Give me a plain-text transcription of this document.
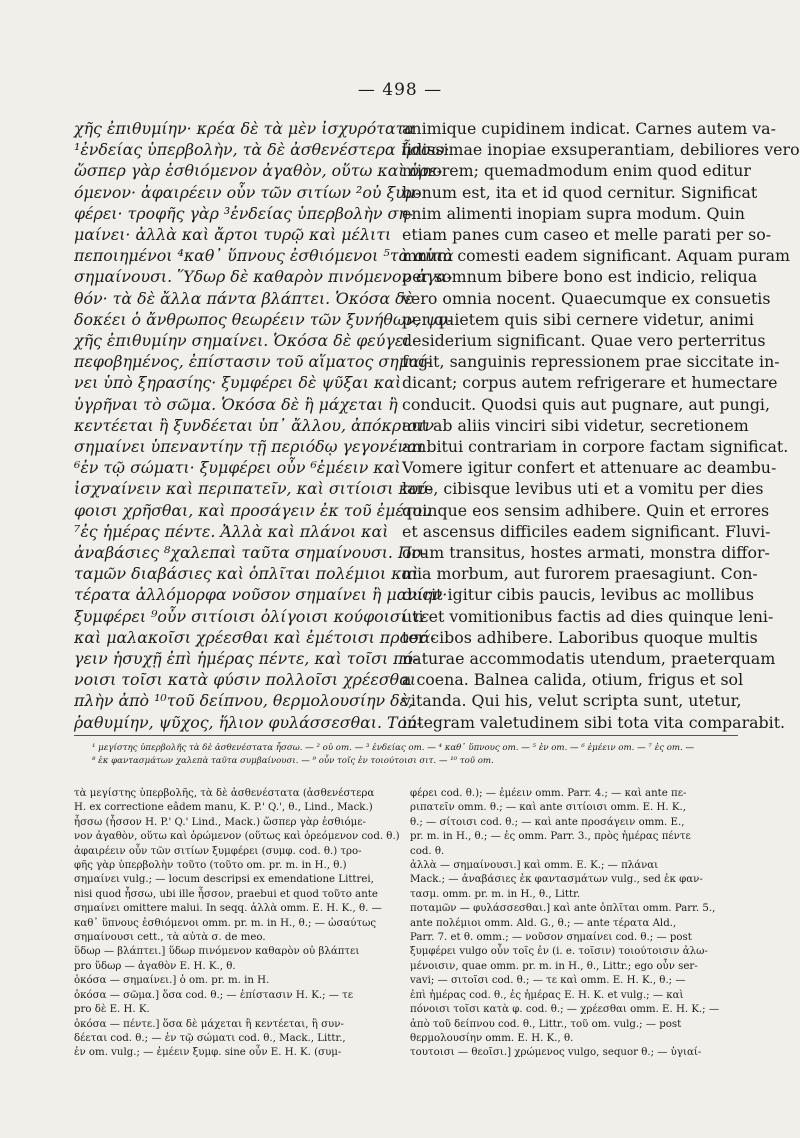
— 498 —
χῆς ἐπιθυμίην· κρέα δὲ τὰ μὲν ἰσχυρότατα
¹ἐνδείας ὑπερβολὴν, τὰ δὲ ἀσθενέστερα ἧσσω·
ὥσπερ γὰρ ἐσθιόμενον ἀγαθὸν, οὕτω καὶ ὁρε-
όμενον· ἀφαιρέειν οὖν τῶν σιτίων ²οὐ ξυμ-
φέρει· τροφῆς γὰρ ³ἐνδείας ὑπερβολὴν ση-
μαίνει· ἀλλὰ καὶ ἄρτοι τυρῷ καὶ μέλιτι
πεποιημένοι ⁴καθ᾽ ὕπνους ἐσθιόμενοι ⁵τὰ αὐτὰ
σημαίνουσι. Ὕδωρ δὲ καθαρὸν πινόμενον ἀγα-
θόν· τὰ δὲ ἄλλα πάντα βλάπτει. Ὁκόσα δὲ
δοκέει ὁ ἄνθρωπος θεωρέειν τῶν ξυνήθων, ψυ-
χῆς ἐπιθυμίην σημαίνει. Ὁκόσα δὲ φεύγει
πεφοβημένος, ἐπίστασιν τοῦ αἵματος σημαί-
νει ὑπὸ ξηρασίης· ξυμφέρει δὲ ψῦξαι καὶ
ὑγρῆναι τὸ σῶμα. Ὁκόσα δὲ ἢ μάχεται ἢ
κεντέεται ἢ ξυνδέεται ὑπ᾽ ἄλλου, ἀπόκρισιν
σημαίνει ὑπεναντίην τῇ περιόδῳ γεγονέναι
⁶ἐν τῷ σώματι· ξυμφέρει οὖν ⁶ἐμέειν καὶ
ἰσχναίνειν καὶ περιπατεῖν, καὶ σιτίοισι κού-
φοισι χρῆσθαι, καὶ προσάγειν ἐκ τοῦ ἐμέτου
⁷ἐς ἡμέρας πέντε. Ἀλλὰ καὶ πλάνοι καὶ
ἀναβάσιες ⁸χαλεπαὶ ταῦτα σημαίνουσι. Πο-
ταμῶν διαβάσιες καὶ ὁπλῖται πολέμιοι καὶ
τέρατα ἀλλόμορφα νοῦσον σημαίνει ἢ μανίην·
ξυμφέρει ⁹οὖν σιτίοισι ὀλίγοισι κούφοισί τε
καὶ μαλακοῖσι χρέεσθαι καὶ ἐμέτοισι προσά-
γειν ἡσυχῇ ἐπὶ ἡμέρας πέντε, καὶ τοῖσι πό-
νοισι τοῖσι κατὰ φύσιν πολλοῖσι χρέεσθαι
πλὴν ἀπὸ ¹⁰τοῦ δείπνου, θερμολουσίην δὲ,
ῥαθυμίην, ψῦχος, ἥλιον φυλάσσεσθαι. Τού-
animique cupidinem indicat. Carnes autem va-
lidissimae inopiae exsuperantiam, debiliores vero
minorem; quemadmodum enim quod editur
bonum est, ita et id quod cernitur. Significat
enim alimenti inopiam supra modum. Quin
etiam panes cum caseo et melle parati per so-
mnum comesti eadem significant. Aquam puram
per somnum bibere bono est indicio, reliqua
vero omnia nocent. Quaecumque ex consuetis
per quietem quis sibi cernere videtur, animi
desiderium significant. Quae vero perterritus
fugit, sanguinis repressionem prae siccitate in-
dicant; corpus autem refrigerare et humectare
conducit. Quodsi quis aut pugnare, aut pungi,
aut ab aliis vinciri sibi videtur, secretionem
ambitui contrariam in corpore factam significat.
Vomere igitur confert et attenuare ac deambu-
lare, cibisque levibus uti et a vomitu per dies
quinque eos sensim adhibere. Quin et errores
et ascensus difficiles eadem significant. Fluvi-
orum transitus, hostes armati, monstra diffor-
mia morbum, aut furorem praesagiunt. Con-
ducit igitur cibis paucis, levibus ac mollibus
uti et vomitionibus factis ad dies quinque leni-
ter cibos adhibere. Laboribus quoque multis
naturae accommodatis utendum, praeterquam
a coena. Balnea calida, otium, frigus et sol
vitanda. Qui his, velut scripta sunt, utetur,
integram valetudinem sibi tota vita comparabit.
¹ μεγίστης ὑπερβολῆς τὰ δὲ ἀσθενέστατα ἧσσω. — ² οὐ om. — ³ ἐνδείας om. — ⁴ καθ᾽ ὕπνους om. — ⁵ ἐν om. — ⁶ ἐμέειν om. — ⁷ ἐς om. —
⁸ ἐκ φαντασμάτων χαλεπὰ ταῦτα συμβαίνουσι. — ⁹ οὖν τοῖς ἐν τοιούτοισι σιτ. — ¹⁰ τοῦ om.
τὰ μεγίστης ὑπερβολῆς, τὰ δὲ ἀσθενέστατα (ἀσθενέστερα
H. ex correctione eâdem manu, K. P.' Q.', θ., Lind., Mack.)
ἧσσω (ἧσσον H. P.' Q.' Lind., Mack.) ὥσπερ γὰρ ἐσθιόμε-
νον ἀγαθὸν, οὕτω καὶ ὁρώμενον (οὕτως καὶ ὁρεόμενον cod. θ.)
ἀφαιρέειν οὖν τῶν σιτίων ξυμφέρει (συμφ. cod. θ.) τρο-
φῆς γὰρ ὑπερβολὴν τοῦτο (τοῦτο om. pr. m. in H., θ.)
σημαίνει vulg.; — locum descripsi ex emendatione Littrei,
nisi quod ἧσσω, ubi ille ἧσσον, praebui et quod τοῦτο ante
σημαίνει omittere malui. In seqq. ἀλλὰ omm. E. H. K., θ. —
καθ᾽ ὕπνους ἐσθιόμενοι omm. pr. m. in H., θ.; — ὡσαύτως
σημαίνουσι cett., τὰ αὐτὰ σ. de meo.
ὕδωρ — βλάπτει.] ὕδωρ πινόμενον καθαρὸν οὐ βλάπτει
pro ὕδωρ — ἀγαθὸν E. H. K., θ.
ὁκόσα — σημαίνει.] ὁ om. pr. m. in H.
ὁκόσα — σῶμα.] ὅσα cod. θ.; — ἐπίστασιν H. K.; — τε
pro δὲ E. H. K.
ὁκόσα — πέντε.] ὅσα δὲ μάχεται ἢ κεντέεται, ἢ συν-
δέεται cod. θ.; — ἐν τῷ σώματι cod. θ., Mack., Littr.,
ἐν om. vulg.; — ἐμέειν ξυμφ. sine οὖν E. H. K. (συμ-
φέρει cod. θ.); — ἐμέειν omm. Parr. 4.; — καὶ ante πε-
ριπατεῖν omm. θ.; — καὶ ante σιτίοισι omm. E. H. K.,
θ.; — σίτοισι cod. θ.; — καὶ ante προσάγειν omm. E.,
pr. m. in H., θ.; — ἐς omm. Parr. 3., πρὸς ἡμέρας πέντε
cod. θ.
ἀλλὰ — σημαίνουσι.] καὶ omm. E. K.; — πλάναι
Mack.; — ἀναβάσιες ἐκ φαντασμάτων vulg., sed ἐκ φαν-
τασμ. omm. pr. m. in H., θ., Littr.
ποταμῶν — φυλάσσεσθαι.] καὶ ante ὁπλῖται omm. Parr. 5.,
ante πολέμιοι omm. Ald. G., θ.; — ante τέρατα Ald.,
Parr. 7. et θ. omm.; — νοῦσον σημαίνει cod. θ.; — post
ξυμφέρει vulgo οὖν τοῖς ἐν (i. e. τοῖσιν) τοιούτοισιν ἀλω-
μένοισιν, quae omm. pr. m. in H., θ., Littr.; ego οὖν ser-
vavi; — σιτοῖσι cod. θ.; — τε καὶ omm. E. H. K., θ.; —
ἐπὶ ἡμέρας cod. θ., ἐς ἡμέρας E. H. K. et vulg.; — καὶ
πόνοισι τοῖσι κατὰ φ. cod. θ.; — χρέεσθαι omm. E. H. K.; —
ἀπὸ τοῦ δείπνου cod. θ., Littr., τοῦ om. vulg.; — post
θερμολουσίην omm. E. H. K., θ.
τουτοισι — θεοῖσι.] χρώμενος vulgo, sequor θ.; — ὑγιαί-
